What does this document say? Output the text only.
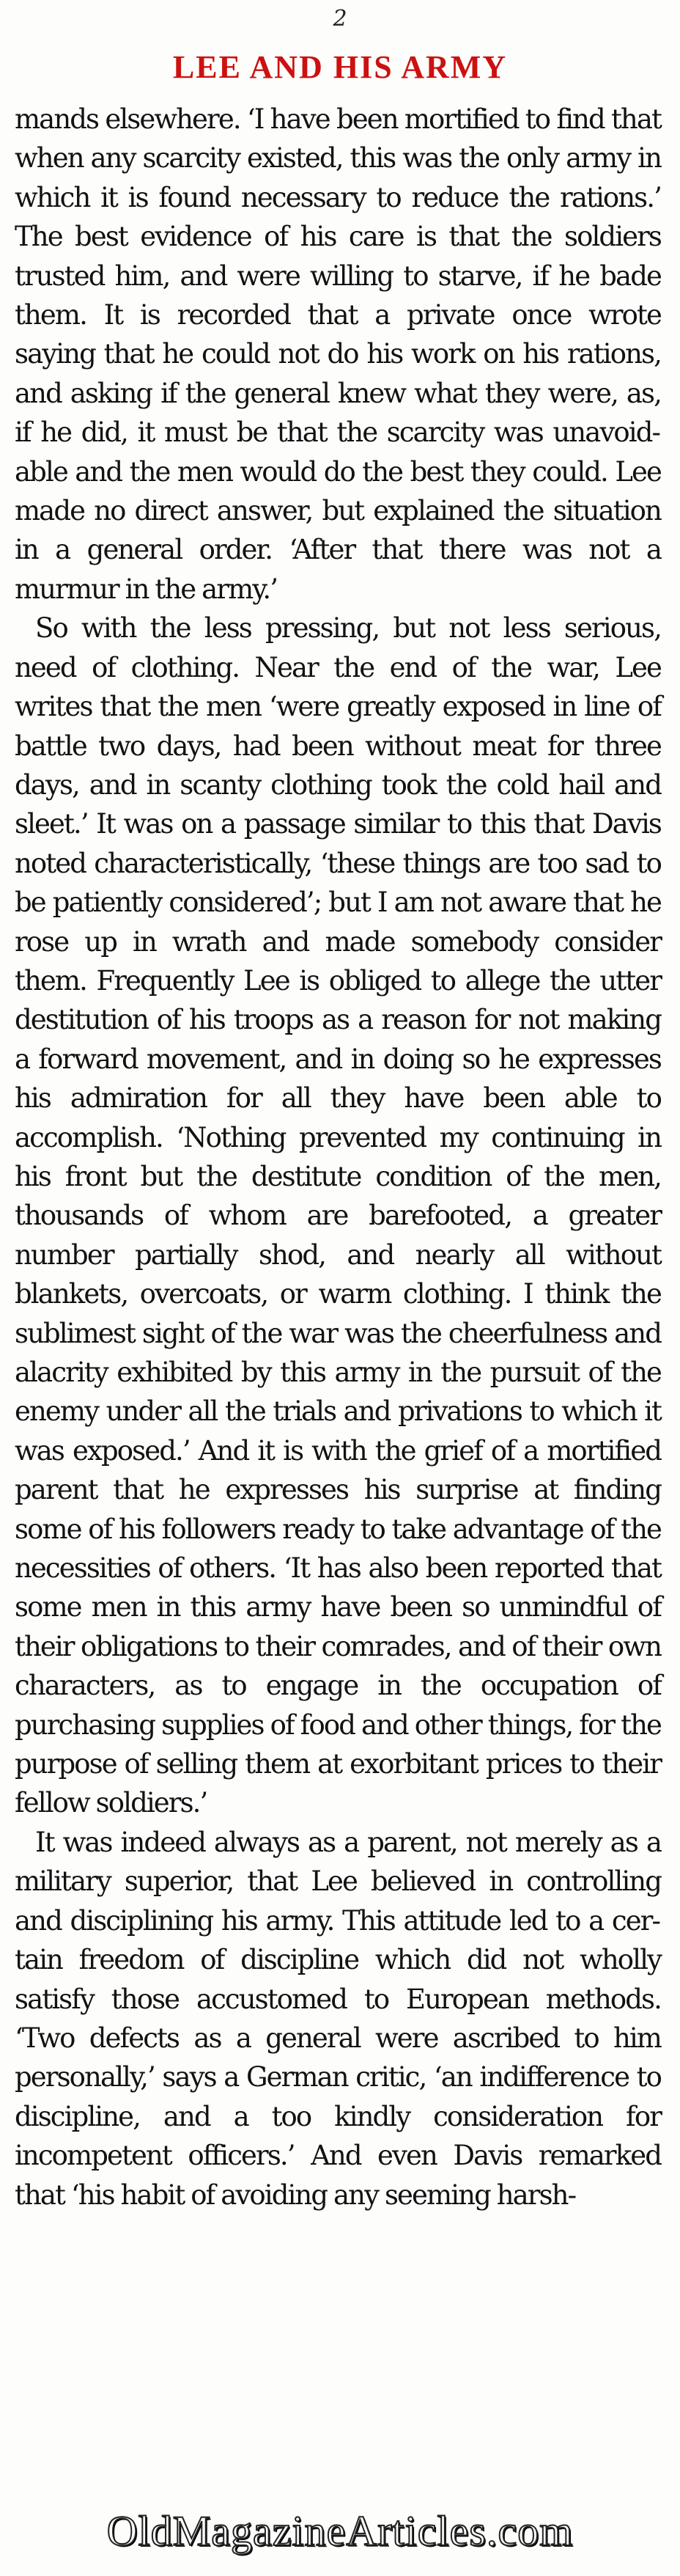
2
LEE AND HIS ARMY

mands elsewhere. ‘I have been mortified to find that when any scarcity existed, this was the only army in which it is found necessary to reduce the rations.’ The best evidence of his care is that the soldiers trusted him, and were willing to starve, if he bade them. It is recorded that a private once wrote saying that he could not do his work on his rations, and asking if the general knew what they were, as, if he did, it must be that the scarcity was unavoidable and the men would do the best they could. Lee made no direct answer, but explained the situation in a general order. ‘After that there was not a murmur in the army.’

So with the less pressing, but not less serious, need of clothing. Near the end of the war, Lee writes that the men ‘were greatly exposed in line of battle two days, had been without meat for three days, and in scanty clothing took the cold hail and sleet.’ It was on a passage similar to this that Davis noted characteristically, ‘these things are too sad to be patiently considered’; but I am not aware that he rose up in wrath and made somebody consider them. Frequently Lee is obliged to allege the utter destitution of his troops as a reason for not making a forward movement, and in doing so he expresses his admiration for all they have been able to accomplish. ‘Nothing prevented my continuing in his front but the destitute condition of the men, thousands of whom are barefooted, a greater number partially shod, and nearly all without blankets, overcoats, or warm clothing. I think the sublimest sight of the war was the cheerfulness and alacrity exhibited by this army in the pursuit of the enemy under all the trials and privations to which it was exposed.’ And it is with the grief of a mortified parent that he expresses his surprise at finding some of his followers ready to take advantage of the necessities of others. ‘It has also been reported that some men in this army have been so unmindful of their obligations to their comrades, and of their own characters, as to engage in the occupation of purchasing supplies of food and other things, for the purpose of selling them at exorbitant prices to their fellow soldiers.’

It was indeed always as a parent, not merely as a military superior, that Lee believed in controlling and disciplining his army. This attitude led to a certain freedom of discipline which did not wholly satisfy those accustomed to European methods. ‘Two defects as a general were ascribed to him personally,’ says a German critic, ‘an indifference to discipline, and a too kindly consideration for incompetent officers.’ And even Davis remarked that ‘his habit of avoiding any seeming harsh-

OldMagazineArticles.com
